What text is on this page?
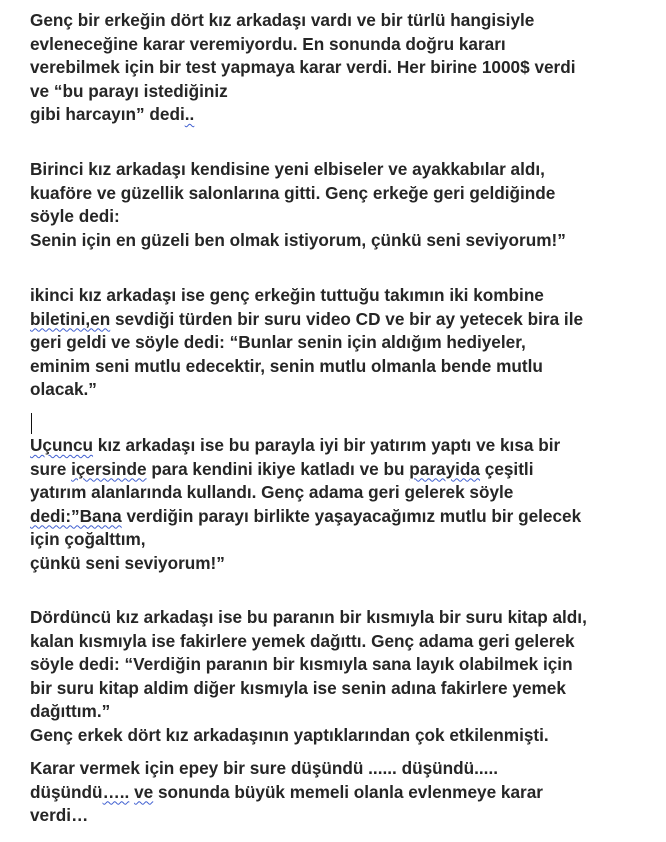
Genç bir erkeğin dört kız arkadaşı vardı ve bir türlü hangisiyle
evleneceğine karar veremiyordu. En sonunda doğru kararı
verebilmek için bir test yapmaya karar verdi. Her birine 1000$ verdi
ve “bu parayı istediğiniz
gibi harcayın” dedi..
Birinci kız arkadaşı kendisine yeni elbiseler ve ayakkabılar aldı,
kuaföre ve güzellik salonlarına gitti. Genç erkeğe geri geldiğinde
söyle dedi:
Senin için en güzeli ben olmak istiyorum, çünkü seni seviyorum!”
ikinci kız arkadaşı ise genç erkeğin tuttuğu takımın iki kombine
biletini,en sevdiği türden bir suru video CD ve bir ay yetecek bira ile
geri geldi ve söyle dedi: “Bunlar senin için aldığım hediyeler,
eminim seni mutlu edecektir, senin mutlu olmanla bende mutlu
olacak.”
Uçuncu kız arkadaşı ise bu parayla iyi bir yatırım yaptı ve kısa bir
sure içersinde para kendini ikiye katladı ve bu parayida çeşitli
yatırım alanlarında kullandı. Genç adama geri gelerek söyle
dedi:”Bana verdiğin parayı birlikte yaşayacağımız mutlu bir gelecek
için çoğalttım,
çünkü seni seviyorum!”
Dördüncü kız arkadaşı ise bu paranın bir kısmıyla bir suru kitap aldı,
kalan kısmıyla ise fakirlere yemek dağıttı. Genç adama geri gelerek
söyle dedi: “Verdiğin paranın bir kısmıyla sana layık olabilmek için
bir suru kitap aldim diğer kısmıyla ise senin adına fakirlere yemek
dağıttım.”
Genç erkek dört kız arkadaşının yaptıklarından çok etkilenmişti.
Karar vermek için epey bir sure düşündü ...... düşündü.....
düşündü….. ve sonunda büyük memeli olanla evlenmeye karar
verdi…
